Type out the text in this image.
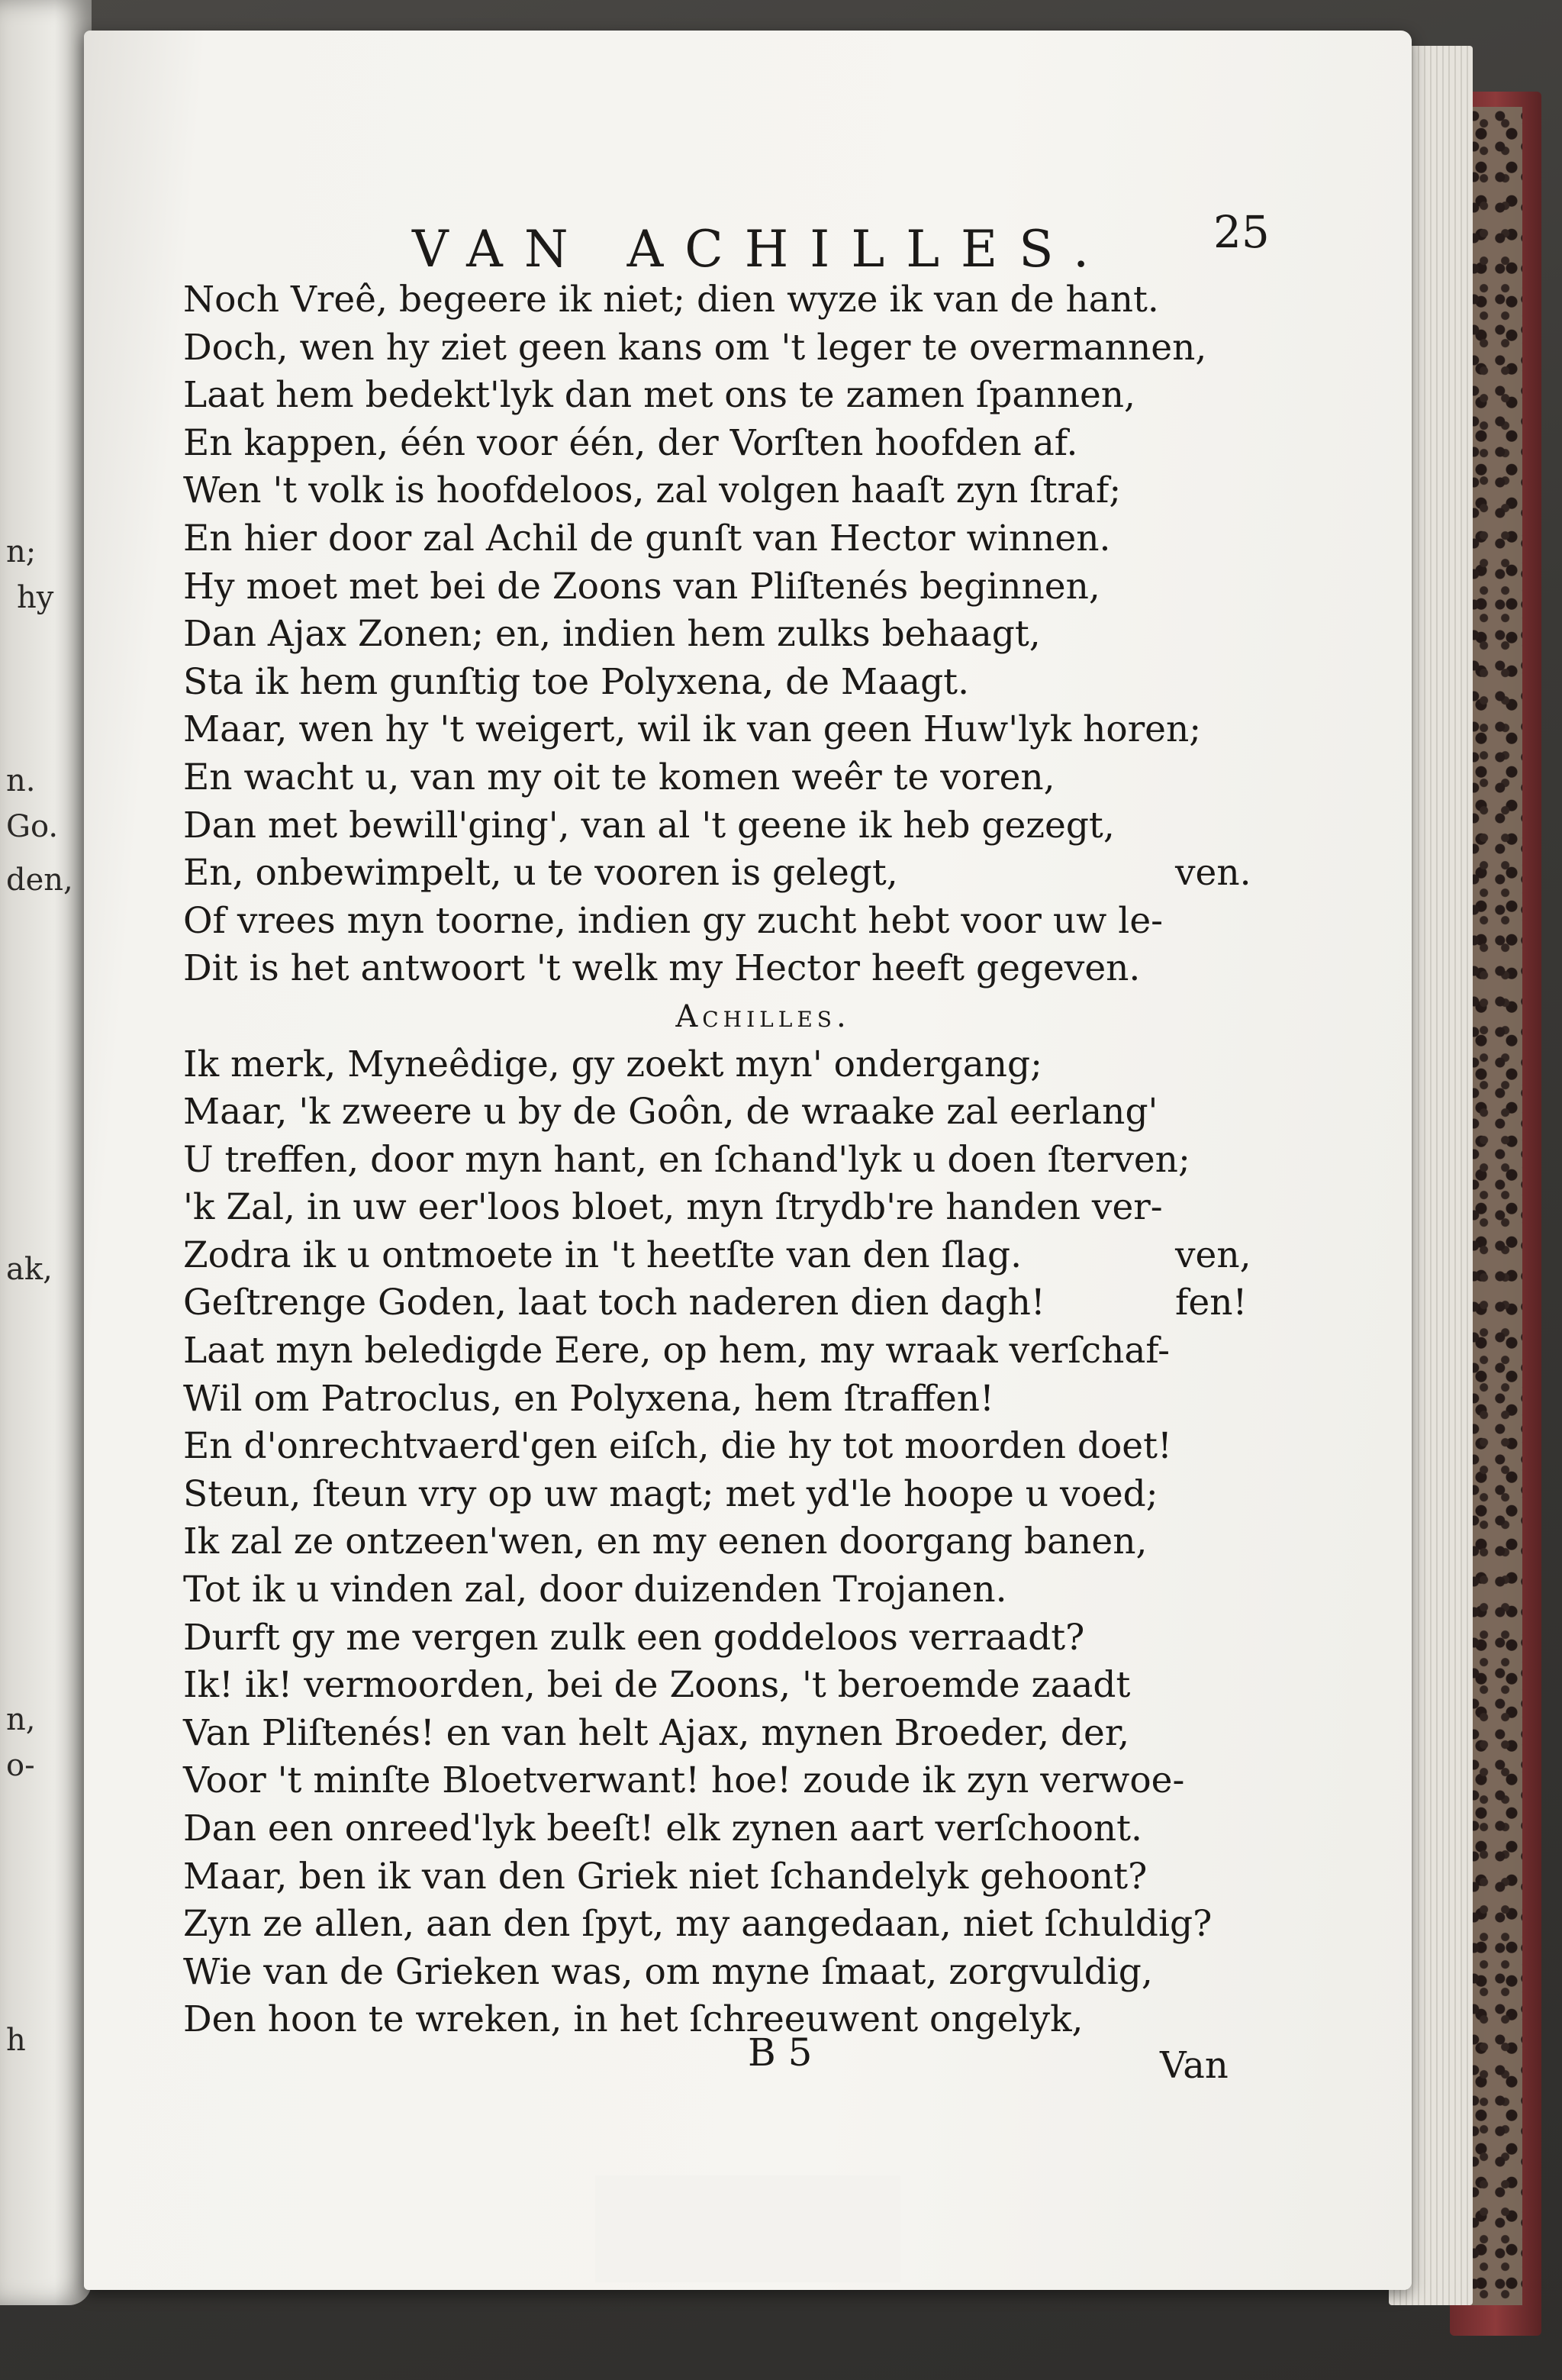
n;
hy
n.
Go.
den,
ak,
n,
o-
h
VAN ACHILLES. 25
Noch Vreê, begeere ik niet; dien wyze ik van de hant.
Doch, wen hy ziet geen kans om 't leger te overmannen,
Laat hem bedekt'lyk dan met ons te zamen ſpannen,
En kappen, één voor één, der Vorſten hoofden af.
Wen 't volk is hoofdeloos, zal volgen haaſt zyn ſtraf;
En hier door zal Achil de gunſt van Hector winnen.
Hy moet met bei de Zoons van Pliſtenés beginnen,
Dan Ajax Zonen; en, indien hem zulks behaagt,
Sta ik hem gunſtig toe Polyxena, de Maagt.
Maar, wen hy 't weigert, wil ik van geen Huw'lyk horen;
En wacht u, van my oit te komen weêr te voren,
Dan met bewill'ging', van al 't geene ik heb gezegt,
En, onbewimpelt, u te vooren is gelegt,	ven.
Of vrees myn toorne, indien gy zucht hebt voor uw le-
Dit is het antwoort 't welk my Hector heeft gegeven.
Achilles.
Ik merk, Myneêdige, gy zoekt myn' ondergang;
Maar, 'k zweere u by de Goôn, de wraake zal eerlang'
U treffen, door myn hant, en ſchand'lyk u doen ſterven;
'k Zal, in uw eer'loos bloet, myn ſtrydb're handen ver-
Zodra ik u ontmoete in 't heetſte van den ſlag.	ven,
Geſtrenge Goden, laat toch naderen dien dagh!	fen!
Laat myn beledigde Eere, op hem, my wraak verſchaf-
Wil om Patroclus, en Polyxena, hem ſtraffen!
En d'onrechtvaerd'gen eiſch, die hy tot moorden doet!
Steun, ſteun vry op uw magt; met yd'le hoope u voed;
Ik zal ze ontzeen'wen, en my eenen doorgang banen,
Tot ik u vinden zal, door duizenden Trojanen.
Durft gy me vergen zulk een goddeloos verraadt?
Ik! ik! vermoorden, bei de Zoons, 't beroemde zaadt
Van Pliſtenés! en van helt Ajax, mynen Broeder, der,
Voor 't minſte Bloetverwant! hoe! zoude ik zyn verwoe-
Dan een onreed'lyk beeſt! elk zynen aart verſchoont.
Maar, ben ik van den Griek niet ſchandelyk gehoont?
Zyn ze allen, aan den ſpyt, my aangedaan, niet ſchuldig?
Wie van de Grieken was, om myne ſmaat, zorgvuldig,
Den hoon te wreken, in het ſchreeuwent ongelyk,
B 5	Van
